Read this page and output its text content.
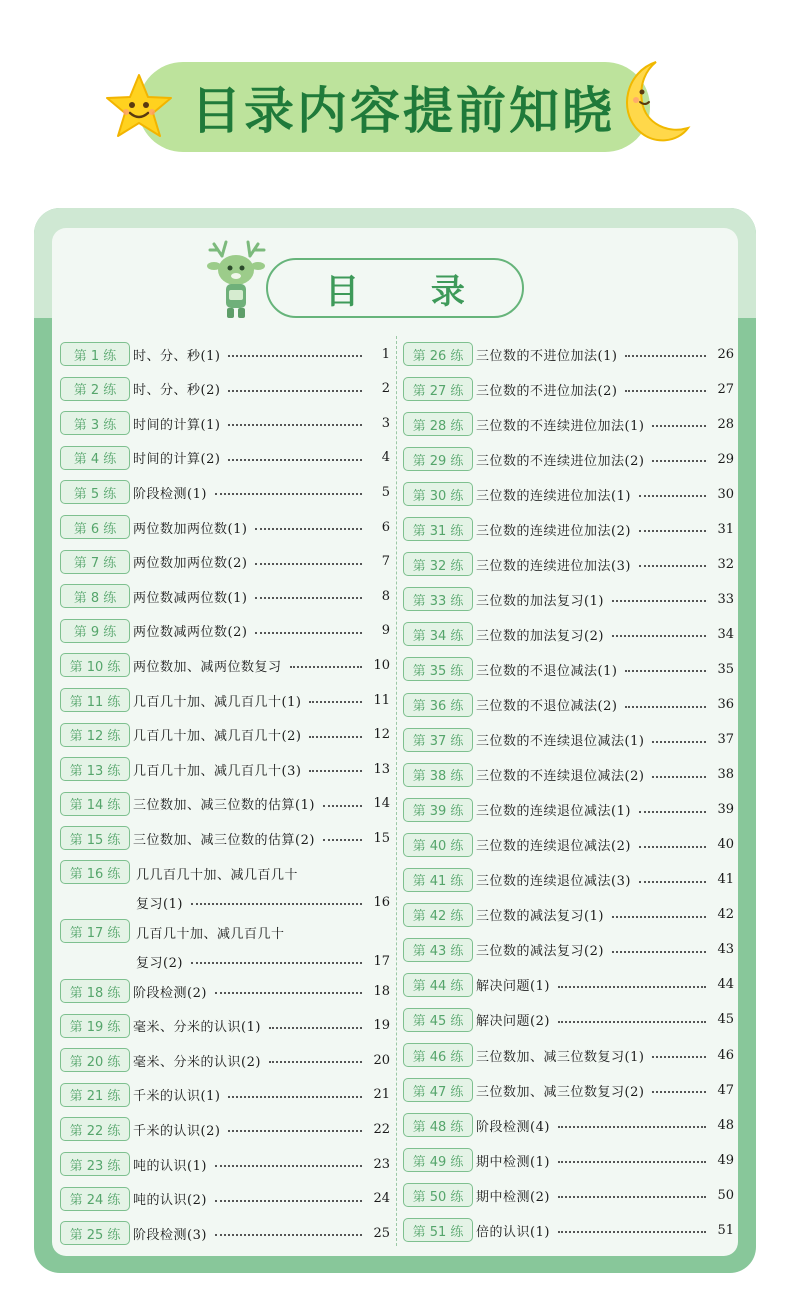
目录内容提前知晓
目 录
第 1 练	时、分、秒(1)	1
第 2 练	时、分、秒(2)	2
第 3 练	时间的计算(1)	3
第 4 练	时间的计算(2)	4
第 5 练	阶段检测(1)	5
第 6 练	两位数加两位数(1)	6
第 7 练	两位数加两位数(2)	7
第 8 练	两位数减两位数(1)	8
第 9 练	两位数减两位数(2)	9
第 10 练 两位数加、减两位数复习	10
第 11 练 几百几十加、减几百几十(1)	11
第 12 练 几百几十加、减几百几十(2)	12
第 13 练 几百几十加、减几百几十(3)	13
第 14 练 三位数加、减三位数的估算(1)	14
第 15 练 三位数加、减三位数的估算(2)	15
第 16 练	几几百几十加、减几百几十
复习(1)	16
第 17 练	几百几十加、减几百几十
复习(2)	17
第 18 练 阶段检测(2)	18
第 19 练 毫米、分米的认识(1)	19
第 20 练 毫米、分米的认识(2)	20
第 21 练 千米的认识(1)	21
第 22 练 千米的认识(2)	22
第 23 练 吨的认识(1)	23
第 24 练 吨的认识(2)	24
第 25 练 阶段检测(3)	25
第 26 练 三位数的不进位加法(1)	26
第 27 练 三位数的不进位加法(2)	27
第 28 练 三位数的不连续进位加法(1)	28
第 29 练 三位数的不连续进位加法(2)	29
第 30 练 三位数的连续进位加法(1)	30
第 31 练 三位数的连续进位加法(2)	31
第 32 练 三位数的连续进位加法(3)	32
第 33 练 三位数的加法复习(1)	33
第 34 练 三位数的加法复习(2)	34
第 35 练 三位数的不退位减法(1)	35
第 36 练 三位数的不退位减法(2)	36
第 37 练 三位数的不连续退位减法(1)	37
第 38 练 三位数的不连续退位减法(2)	38
第 39 练 三位数的连续退位减法(1)	39
第 40 练 三位数的连续退位减法(2)	40
第 41 练 三位数的连续退位减法(3)	41
第 42 练 三位数的减法复习(1)	42
第 43 练 三位数的减法复习(2)	43
第 44 练 解决问题(1)	44
第 45 练 解决问题(2)	45
第 46 练 三位数加、减三位数复习(1)	46
第 47 练 三位数加、减三位数复习(2)	47
第 48 练 阶段检测(4)	48
第 49 练 期中检测(1)	49
第 50 练 期中检测(2)	50
第 51 练 倍的认识(1)	51
